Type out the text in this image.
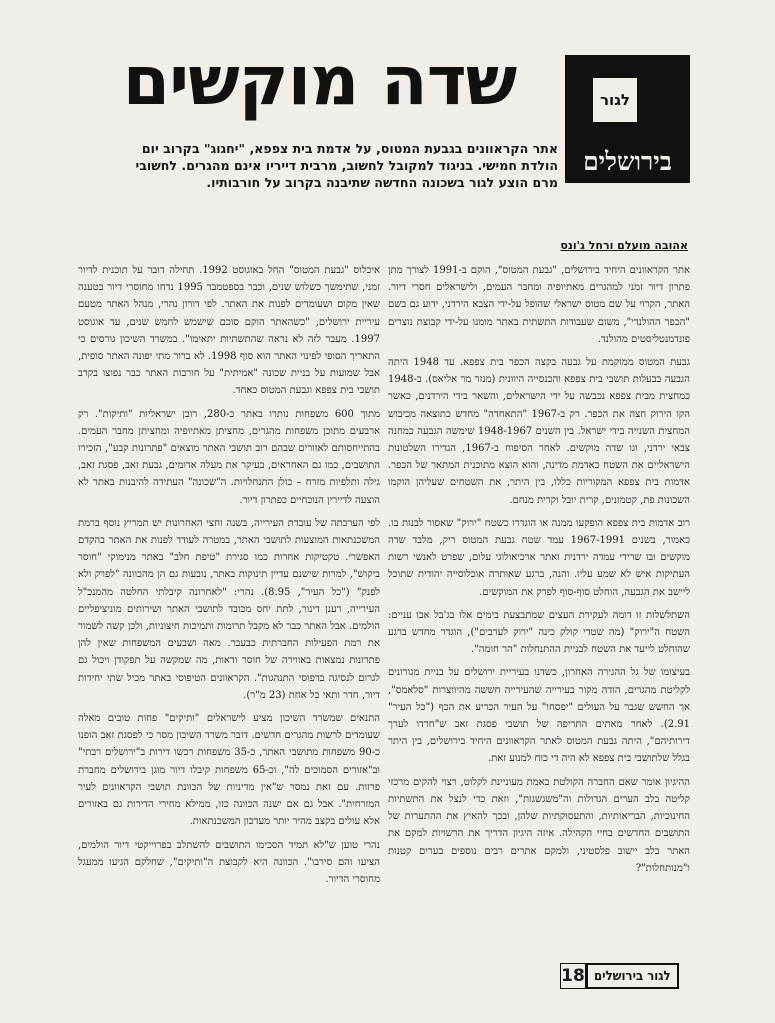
לגור
בירושלים
שדה מוקשים
אתר הקראוונים בגבעת המטוס, על אדמת בית צפפא, "יחגוג" בקרוב יום הולדת חמישי. בניגוד למקובל לחשוב, מרבית דייריו אינם מהגרים. לחשובי מרם הוצע לגור בשכונה החדשה שתיבנה בקרוב על חורבותיו.
אהובה מועלם ורחל ג'ונס

אתר הקראוונים היחיד בירושלים, "גבעת המטוס", הוקם ב-1991 לצורך מתן פתרון דיור זמני למהגרים מאתיופיה ומחבר העמים, ולישראלים חסרי דיור. האתר, הקרוי על שם מטוס ישראלי שהופל על-ידי הצבא הירדני, ידוע גם בשם "הכפר ההולנדי", משום שעבודות התשתית באתר מומנו על-ידי קבוצת נוצרים פונדמנטליסטים מהולנד.

גבעת המטוס ממוקמת על גבעה בקצה הכפר בית צפפא. עד 1948 היתה הגבעה בבעלות תושבי בית צפפא והכנסייה היוונית (מנזר מר אליאס). ב-1948 כמחצית מבית צפפא נכבשה על ידי הישראלים, והשאר בידי הירדנים, כאשר הקו הירוק חצה את הכפר. רק ב-1967 "התאחדה" מחדש כתוצאה מכיבוש המחצית השנייה בידי ישראל. בין השנים 1948-1967 שימשה הגבעה כמחנה צבאי ירדני, וגו שדה מוקשים. לאחר הסיפוח ב-1967, הגדירו השלטונות הישראליים את השטח כאדמת מדינה, והוא הוצא מתוכנית המתאר של הכפר. אדמות בית צפפא המקוריות כללו, בין היתר, את השטחים שעליהן הוקמו השכונות פת, קטמונים, קרית יובל וקרית מנחם.

רוב אדמות בית צפפא הופקעו ממנה או הוגדרו כשטח "ירוק" שאסור לבנות בו. כאמור, בשנים 1967-1991 עמד שטח גבעת המטוס ריק, מלבד שדה מוקשים ובו שרידי עמדה ירדנית ואתר ארכיאולוגי עלום, שפרט לאנשי רשות העתיקות איש לא שמע עליו. והנה, ברגע שאותרה אוכלוסייה יהודית שתוכל ליישב את הגבעה, הוחלט סוף-סוף לפרק את המוקשים.

השתלשלות זו דומה לעקירת העצים שמתבצעת בימים אלו בג'בל אבו עניים: השטח ה"ירוק" (מה שטדי קולק כינה "ירוק לערבים"), הוגדר מחדש ברגע שהוחלט לייעד את השטח לבניית ההתנחלות "הר חומה".

בעיצומו של גל ההגירה האחרון, כשדנו בעיריית ירושלים על בניית מגורונים לקליטת מהגרים, הודה מקור בעירייה שהעירייה חששה מהיווצרות "סלאמס", אך החשש שגבר על העולים "יפסחו" על העיר הכריע את הכף ("כל העיר" 2.91). לאחר מאתים התריפה של תושבי פסגת זאב ש"חרדו לערך דירותיהם", היתה גבעת המטוס לאתר הקראוונים היחיד בירושלים, בין היתר בגלל שלתושבי בית צפפא לא היה די כוח למנוע זאת.

ההיגיון אומר שאם החברה הקולטת באמת מעוניינת לקלוט, רצוי להקים מרכזי קליטה בלב הערים הגדולות וה"משגשגות", וזאת כדי לנצל את התשתיות החינוכיות, הבריאותיות, והתעסוקתיות שלהן, ובכך להאיץ את ההתערות של התושבים החדשים בחיי הקהילה. איזה היגיון הדריך את הרשויות למקם את האתר בלב יישוב פלסטיני, ולמקם אתרים רבים נוספים בערים קטנות ו"מנותחלות"?

איכלוס "גבעת המטוס" החל באוגוסט 1992. תחילה דובר על תוכנית לדיור זמני, שתימשך כשלוש שנים, וכבר בספטמבר 1995 נדחו מחוסרי דיור בטענה שאין מקום ושעומדים לפנות את האתר. לפי דורון נהרי, מנהל האתר מטעם עיריית ירושלים, "כשהאתר הוקם סוכם שישמש לחמש שנים, עד אוגוסט 1997. מעבר לזה לא נראה שהתשתיות יתאימו". במשרד השיכון גורסים כי התאריך הסופי לפינוי האתר הוא סוף 1998. לא ברור מתי יפונה האתר סופית, אבל שמועות על בניית שכונה "אמיתית" על חורבות האתר כבר נפוצו בקרב תושבי בית צפפא וגבעת המטוס כאחד.

מתוך 600 משפחות נותרו באתר כ-280, רובן ישראליות "ותיקות". רק ארבעים מתוכן משפחות מהגרים, מחציתן מאתיופיה ומחציתן מחבר העמים. בהתייחסותם לאזורים שבהם רוב תושבי האתר מוצאים "פתרונות קבע", הזכירו התושבים, כמו גם האחראים, בעיקר את מעלה אדומים, גבעת זאב, פסגת זאב, גילה ותלפיות מזרח – כולן התנחלויות. ה"שכונה" העתידה להיבנות באתר לא הוצעה לדיירין הנוכחיים כפתרון דיור.

לפי הערכתה של עובדת העירייה, בשנה וחצי האחרונות יש תמריץ נוסף ברמת המשכנתאות המוצעות לתושבי האתר, במטרה לעודד לפנות את האתר בהקדם האפשרי. טקטיקות אחרות כמו סגירת "טיפת חלב" באתר מנימוקי "חוסר ביקוש", למרות שישנם עדיין תינוקות באתר, נובעות גם הן מהכוונה "לפרק ולא לפנק" ("כל העיר", 8.95). נהרי: "לאחרונה קיבלתי החלטה מהמנכ"ל העירייה, רענן דינור, לתת יחס מכובד לתושבי האתר ושירותים מוניציפליים הולמים. אבל האתר כבר לא מקבל תרומות ותמיכות חיצוניות, ולכן קשה לשמור את רמת הפעילות החברתית כבעבר. מאה ושבעים המשפחות שאין להן פתרונות נמצאות באווירה של חוסר ודאות, מה שמקשה על תפקודן ויכול גם לגרום לנסיגה בדפוסי התנהגות". הקראוונים הטיפוסי באתר מכיל שתי יחידות דיור, חדר ותאי כל אחת (23 מ"ר).

התנאים שמשרד השיכון מציע לישראלים "ותיקים" פחות טובים מאלה שעומדים לרשות מהגרים חדשים. דובר משרד השיכון מסר כי לפסגת זאב הופנו כ-90 משפחות מתושבי האתר, כ-35 משפחות רכשו דירות ב"ירושלים רבתי" וב"אזורים הסמוכים לה", וכ-65 משפחות קיבלו דיור מוגן בירושלים מחברת פרזות. עם זאת נמסר ש"אין מדיניות של הכוונת תושבי הקראוונים לעיר המזרחית". אבל גם אם ישנה הכוונה כזו, ממילא מחירי הדירות גם באזורים אלא עולים בקצב מהיר יותר מעדכון המשכנתאות.

נהרי טוען ש"לא תמיד הסכימו התושבים להשתלב בפרוייקטי דיור הולמים, הציעו והם סירבו". הכוונה היא לקבוצת ה"ותיקים", שחלקם הגיעו ממעגל מחוסרי הדיור.

18 לגור בירושלים
